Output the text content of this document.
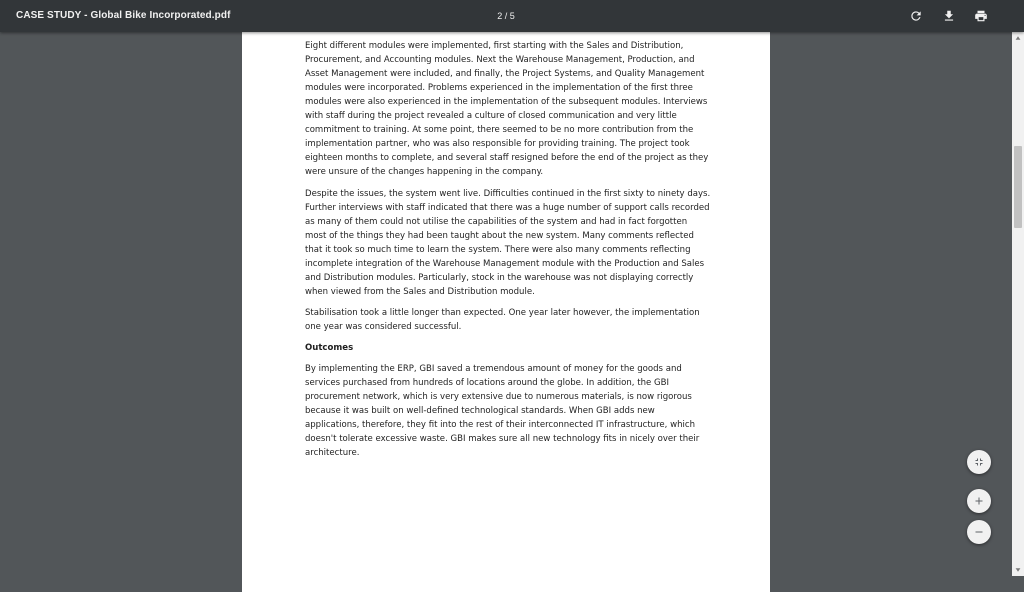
CASE STUDY - Global Bike Incorporated.pdf	2 / 5

Eight different modules were implemented, first starting with the Sales and Distribution, Procurement, and Accounting modules. Next the Warehouse Management, Production, and Asset Management were included, and finally, the Project Systems, and Quality Management modules were incorporated. Problems experienced in the implementation of the first three modules were also experienced in the implementation of the subsequent modules. Interviews with staff during the project revealed a culture of closed communication and very little commitment to training. At some point, there seemed to be no more contribution from the implementation partner, who was also responsible for providing training. The project took eighteen months to complete, and several staff resigned before the end of the project as they were unsure of the changes happening in the company.

Despite the issues, the system went live. Difficulties continued in the first sixty to ninety days. Further interviews with staff indicated that there was a huge number of support calls recorded as many of them could not utilise the capabilities of the system and had in fact forgotten most of the things they had been taught about the new system. Many comments reflected that it took so much time to learn the system. There were also many comments reflecting incomplete integration of the Warehouse Management module with the Production and Sales and Distribution modules. Particularly, stock in the warehouse was not displaying correctly when viewed from the Sales and Distribution module.

Stabilisation took a little longer than expected. One year later however, the implementation one year was considered successful.

Outcomes

By implementing the ERP, GBI saved a tremendous amount of money for the goods and services purchased from hundreds of locations around the globe. In addition, the GBI procurement network, which is very extensive due to numerous materials, is now rigorous because it was built on well-defined technological standards. When GBI adds new applications, therefore, they fit into the rest of their interconnected IT infrastructure, which doesn't tolerate excessive waste. GBI makes sure all new technology fits in nicely over their architecture.
